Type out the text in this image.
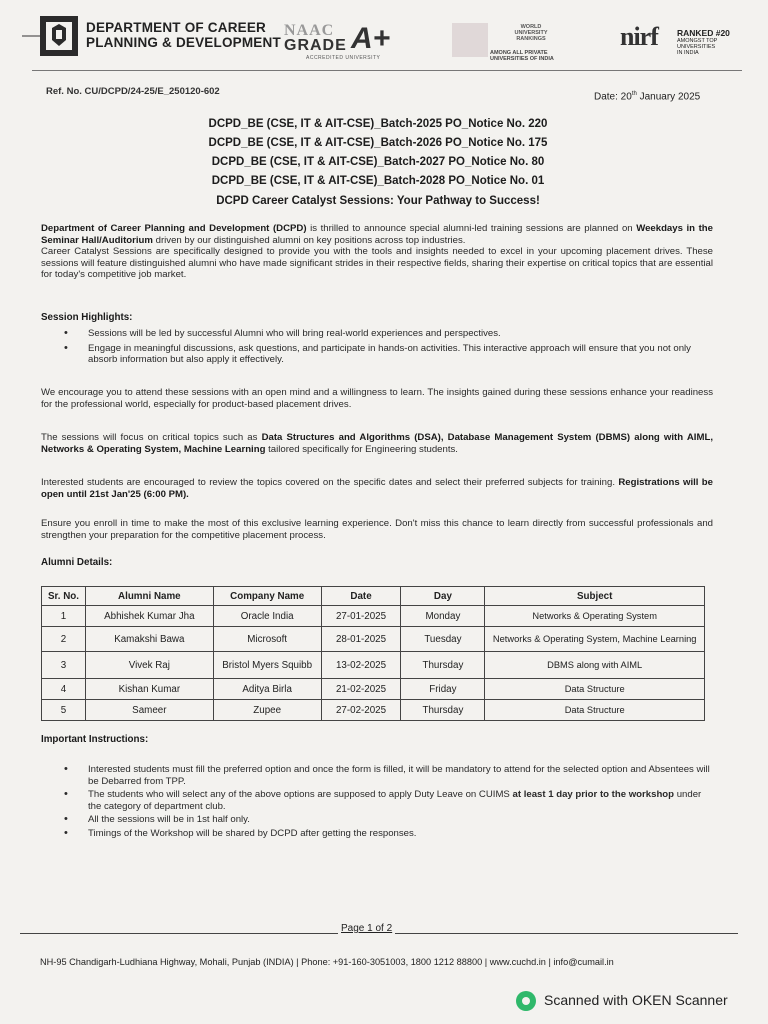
DEPARTMENT OF CAREER
PLANNING & DEVELOPMENT
NAAC
GRADE A+
ACCREDITED UNIVERSITY
WORLD
UNIVERSITY
RANKINGS
AMONG ALL PRIVATE
UNIVERSITIES OF INDIA
nirf RANKED #20
AMONGST TOP
UNIVERSITIES
IN INDIA
Ref. No. CU/DCPD/24-25/E_250120-602	Date: 20th January 2025
DCPD_BE (CSE, IT & AIT-CSE)_Batch-2025 PO_Notice No. 220
DCPD_BE (CSE, IT & AIT-CSE)_Batch-2026 PO_Notice No. 175
DCPD_BE (CSE, IT & AIT-CSE)_Batch-2027 PO_Notice No. 80
DCPD_BE (CSE, IT & AIT-CSE)_Batch-2028 PO_Notice No. 01
DCPD Career Catalyst Sessions: Your Pathway to Success!
Department of Career Planning and Development (DCPD) is thrilled to announce special alumni-led training sessions are planned on Weekdays in the Seminar Hall/Auditorium driven by our distinguished alumni on key positions across top industries.
Career Catalyst Sessions are specifically designed to provide you with the tools and insights needed to excel in your upcoming placement drives. These sessions will feature distinguished alumni who have made significant strides in their respective fields, sharing their expertise on critical topics that are essential for today's competitive job market.
Session Highlights:
• Sessions will be led by successful Alumni who will bring real-world experiences and perspectives.
• Engage in meaningful discussions, ask questions, and participate in hands-on activities. This interactive approach will ensure that you not only absorb information but also apply it effectively.
We encourage you to attend these sessions with an open mind and a willingness to learn. The insights gained during these sessions enhance your readiness for the professional world, especially for product-based placement drives.
The sessions will focus on critical topics such as Data Structures and Algorithms (DSA), Database Management System (DBMS) along with AIML, Networks & Operating System, Machine Learning tailored specifically for Engineering students.
Interested students are encouraged to review the topics covered on the specific dates and select their preferred subjects for training. Registrations will be open until 21st Jan'25 (6:00 PM).
Ensure you enroll in time to make the most of this exclusive learning experience. Don't miss this chance to learn directly from successful professionals and strengthen your preparation for the competitive placement process.
Alumni Details:
Sr. No.	Alumni Name	Company Name	Date	Day	Subject
1	Abhishek Kumar Jha	Oracle India	27-01-2025	Monday	Networks & Operating System
2	Kamakshi Bawa	Microsoft	28-01-2025	Tuesday	Networks & Operating System, Machine Learning
3	Vivek Raj	Bristol Myers Squibb	13-02-2025	Thursday	DBMS along with AIML
4	Kishan Kumar	Aditya Birla	21-02-2025	Friday	Data Structure
5	Sameer	Zupee	27-02-2025	Thursday	Data Structure
Important Instructions:
• Interested students must fill the preferred option and once the form is filled, it will be mandatory to attend for the selected option and Absentees will be Debarred from TPP.
• The students who will select any of the above options are supposed to apply Duty Leave on CUIMS at least 1 day prior to the workshop under the category of department club.
• All the sessions will be in 1st half only.
• Timings of the Workshop will be shared by DCPD after getting the responses.
Page 1 of 2
NH-95 Chandigarh-Ludhiana Highway, Mohali, Punjab (INDIA) | Phone: +91-160-3051003, 1800 1212 88800 | www.cuchd.in | info@cumail.in
Scanned with OKEN Scanner
